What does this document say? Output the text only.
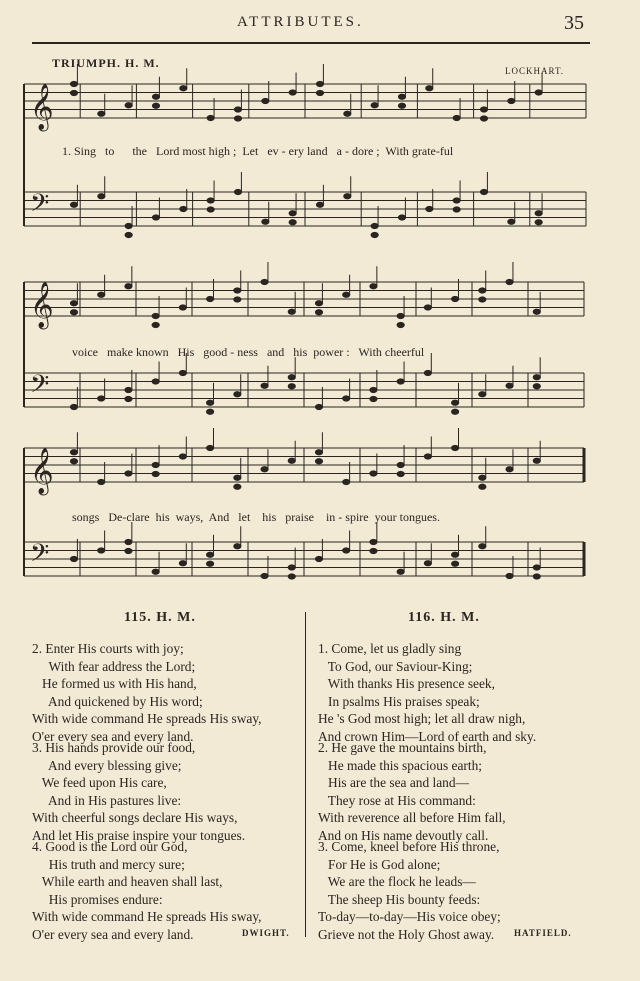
ATTRIBUTES.	35
TRIUMPH. H. M.
LOCKHART.
𝄞
𝄢
𝄞
𝄢
𝄞
𝄢
1. Sing   to      the   Lord most high ;  Let   ev - ery land   a - dore ;  With grate-ful
voice   make known   His   good - ness   and   his  power :   With cheerful
songs   De-clare  his  ways,  And   let    his   praise    in - spire  your tongues.
115. H. M.	116. H. M.
2. Enter His courts with joy;
With fear address the Lord;
He formed us with His hand,
And quickened by His word;
With wide command He spreads His sway,
O'er every sea and every land.
3. His hands provide our food,
And every blessing give;
We feed upon His care,
And in His pastures live:
With cheerful songs declare His ways,
And let His praise inspire your tongues.
4. Good is the Lord our God,
His truth and mercy sure;
While earth and heaven shall last,
His promises endure:
With wide command He spreads His sway,
O'er every sea and every land.	DWIGHT.
1. Come, let us gladly sing
To God, our Saviour-King;
With thanks His presence seek,
In psalms His praises speak;
He 's God most high; let all draw nigh,
And crown Him—Lord of earth and sky.
2. He gave the mountains birth,
He made this spacious earth;
His are the sea and land—
They rose at His command:
With reverence all before Him fall,
And on His name devoutly call.
3. Come, kneel before His throne,
For He is God alone;
We are the flock he leads—
The sheep His bounty feeds:
To-day—to-day—His voice obey;
Grieve not the Holy Ghost away.	HATFIELD.
